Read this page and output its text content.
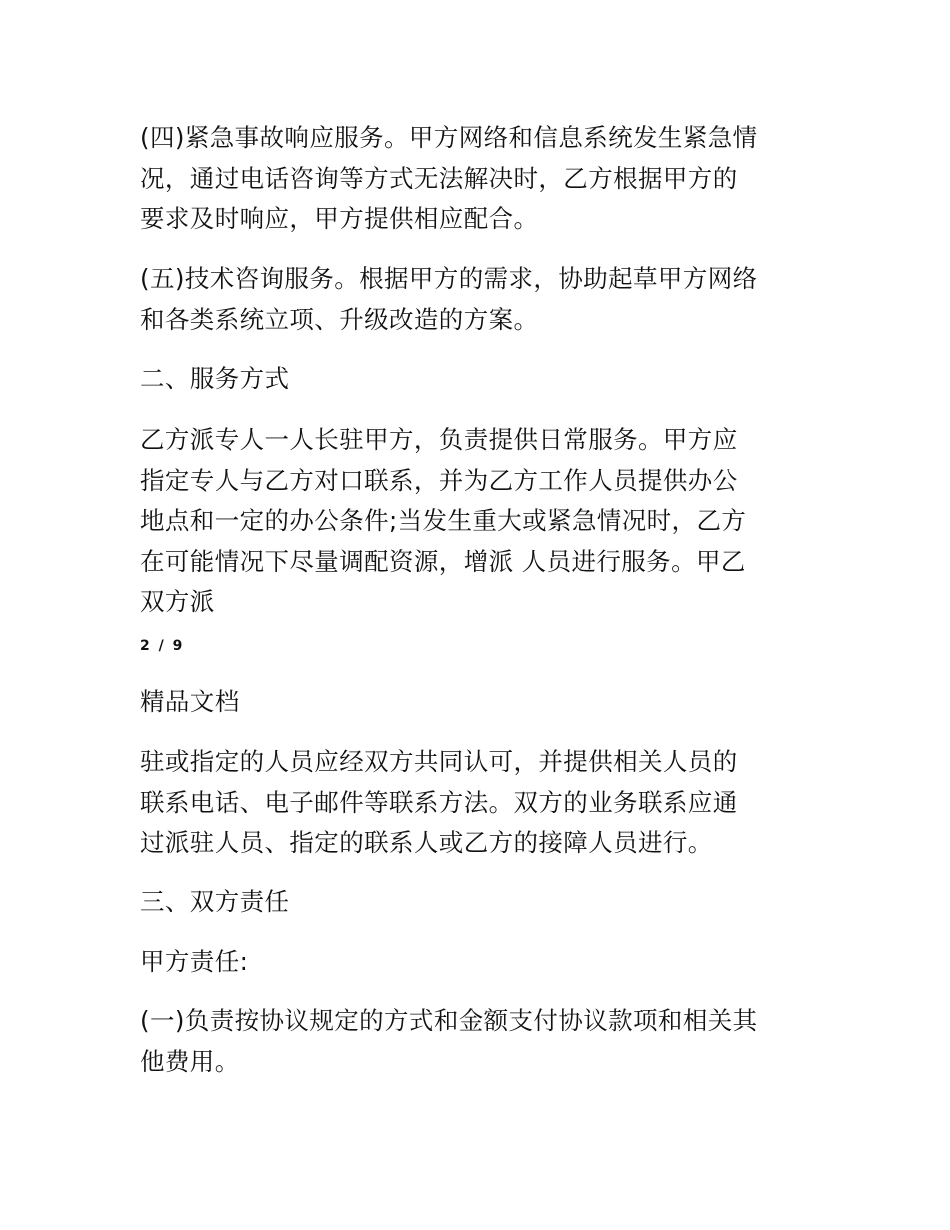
(四)紧急事故响应服务。甲方网络和信息系统发生紧急情
况，通过电话咨询等方式无法解决时，乙方根据甲方的
要求及时响应，甲方提供相应配合。
(五)技术咨询服务。根据甲方的需求，协助起草甲方网络
和各类系统立项、升级改造的方案。
二、服务方式
乙方派专人一人长驻甲方，负责提供日常服务。甲方应
指定专人与乙方对口联系，并为乙方工作人员提供办公
地点和一定的办公条件;当发生重大或紧急情况时，乙方
在可能情况下尽量调配资源，增派 人员进行服务。甲乙
双方派
2 / 9
精品文档
驻或指定的人员应经双方共同认可，并提供相关人员的
联系电话、电子邮件等联系方法。双方的业务联系应通
过派驻人员、指定的联系人或乙方的接障人员进行。
三、双方责任
甲方责任:
(一)负责按协议规定的方式和金额支付协议款项和相关其
他费用。
